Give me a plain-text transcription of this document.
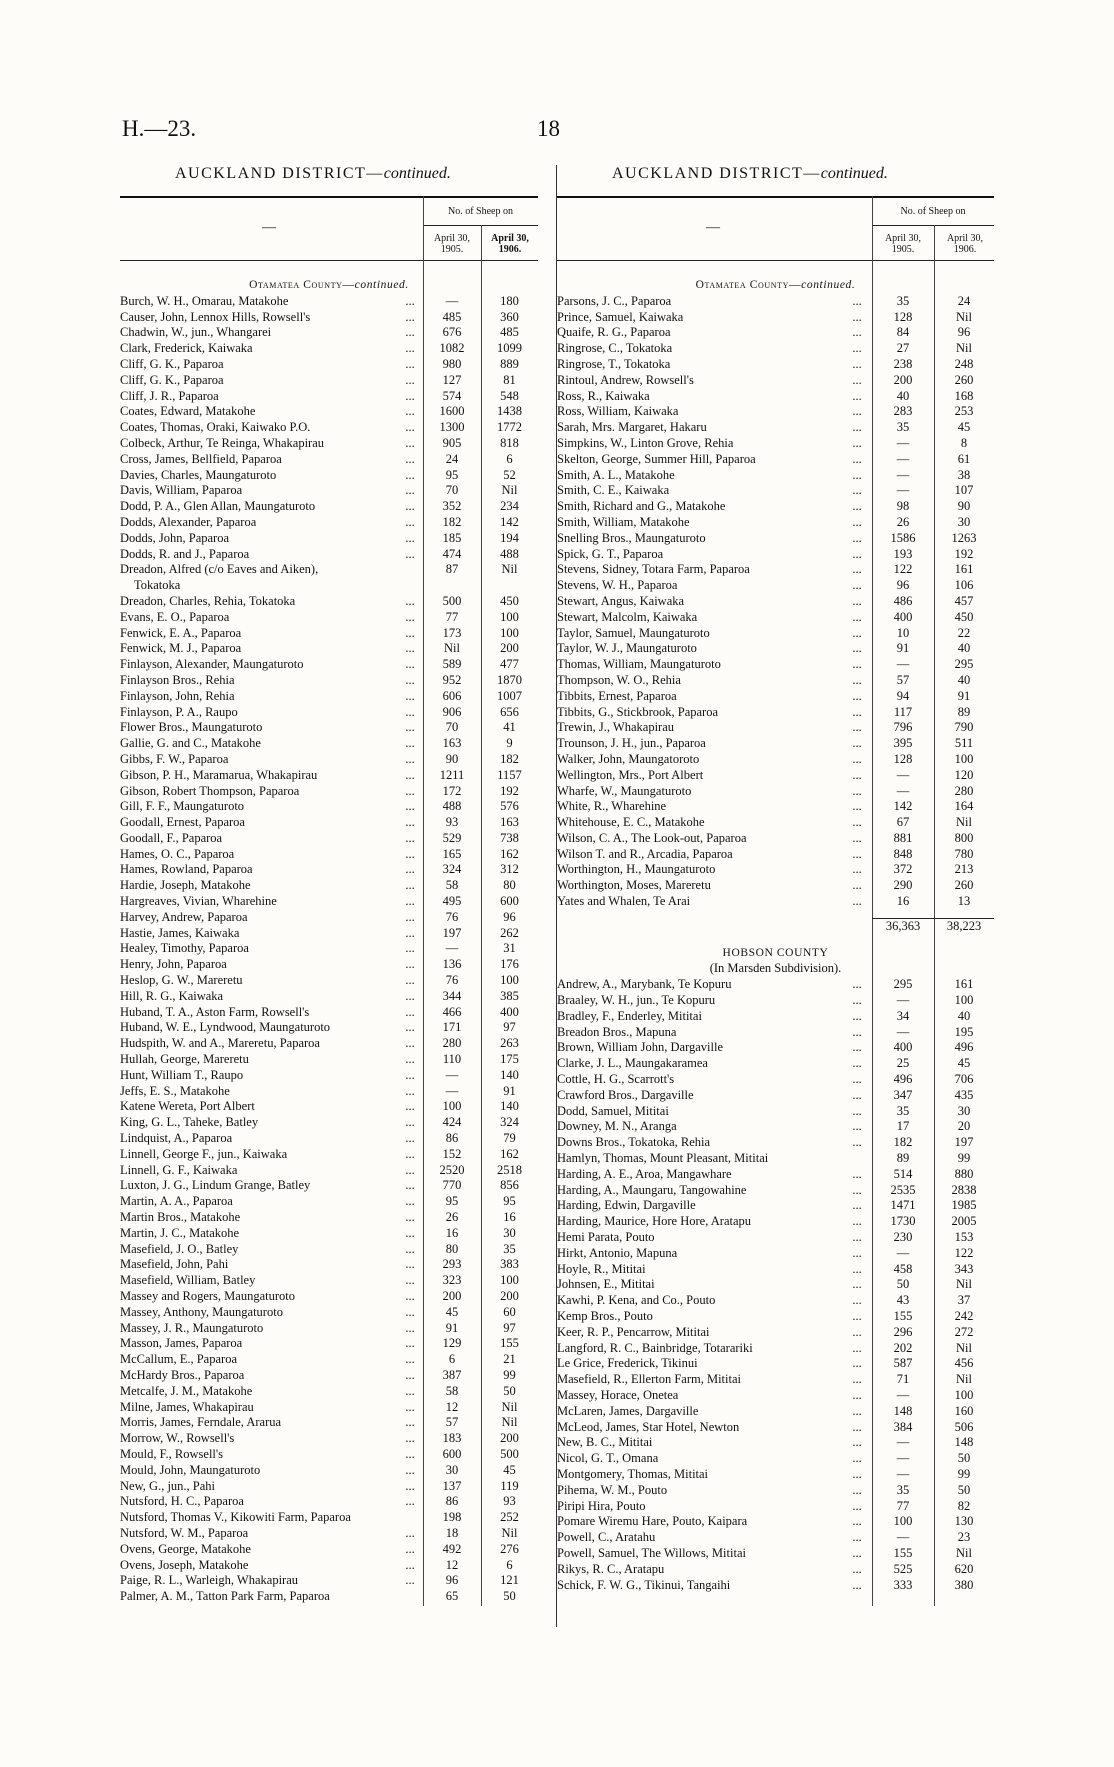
H.—23.	18
AUCKLAND DISTRICT—continued.	AUCKLAND DISTRICT—continued.
—
No. of Sheep on
April 30, 1905.
April 30, 1906.
—
No. of Sheep on
April 30, 1905.
April 30, 1906.
Otamatea County—continued.
Burch, W. H., Omarau, Matakohe	...	—	180
Causer, John, Lennox Hills, Rowsell's	...	485	360
Chadwin, W., jun., Whangarei	...	676	485
Clark, Frederick, Kaiwaka	...	1082	1099
Cliff, G. K., Paparoa	...	980	889
Cliff, G. K., Paparoa	...	127	81
Cliff, J. R., Paparoa	...	574	548
Coates, Edward, Matakohe	...	1600	1438
Coates, Thomas, Oraki, Kaiwako P.O.	...	1300	1772
Colbeck, Arthur, Te Reinga, Whakapirau	...	905	818
Cross, James, Bellfield, Paparoa	...	24	6
Davies, Charles, Maungaturoto	...	95	52
Davis, William, Paparoa	...	70	Nil
Dodd, P. A., Glen Allan, Maungaturoto	...	352	234
Dodds, Alexander, Paparoa	...	182	142
Dodds, John, Paparoa	...	185	194
Dodds, R. and J., Paparoa	...	474	488
Dreadon, Alfred (c/o Eaves and Aiken),	87	Nil
Tokatoka
Dreadon, Charles, Rehia, Tokatoka	...	500	450
Evans, E. O., Paparoa	...	77	100
Fenwick, E. A., Paparoa	...	173	100
Fenwick, M. J., Paparoa	...	Nil	200
Finlayson, Alexander, Maungaturoto	...	589	477
Finlayson Bros., Rehia	...	952	1870
Finlayson, John, Rehia	...	606	1007
Finlayson, P. A., Raupo	...	906	656
Flower Bros., Maungaturoto	...	70	41
Gallie, G. and C., Matakohe	...	163	9
Gibbs, F. W., Paparoa	...	90	182
Gibson, P. H., Maramarua, Whakapirau	...	1211	1157
Gibson, Robert Thompson, Paparoa	...	172	192
Gill, F. F., Maungaturoto	...	488	576
Goodall, Ernest, Paparoa	...	93	163
Goodall, F., Paparoa	...	529	738
Hames, O. C., Paparoa	...	165	162
Hames, Rowland, Paparoa	...	324	312
Hardie, Joseph, Matakohe	...	58	80
Hargreaves, Vivian, Wharehine	...	495	600
Harvey, Andrew, Paparoa	...	76	96
Hastie, James, Kaiwaka	...	197	262
Healey, Timothy, Paparoa	...	—	31
Henry, John, Paparoa	...	136	176
Heslop, G. W., Mareretu	...	76	100
Hill, R. G., Kaiwaka	...	344	385
Huband, T. A., Aston Farm, Rowsell's	...	466	400
Huband, W. E., Lyndwood, Maungaturoto	...	171	97
Hudspith, W. and A., Mareretu, Paparoa	...	280	263
Hullah, George, Mareretu	...	110	175
Hunt, William T., Raupo	...	—	140
Jeffs, E. S., Matakohe	...	—	91
Katene Wereta, Port Albert	...	100	140
King, G. L., Taheke, Batley	...	424	324
Lindquist, A., Paparoa	...	86	79
Linnell, George F., jun., Kaiwaka	...	152	162
Linnell, G. F., Kaiwaka	...	2520	2518
Luxton, J. G., Lindum Grange, Batley	...	770	856
Martin, A. A., Paparoa	...	95	95
Martin Bros., Matakohe	...	26	16
Martin, J. C., Matakohe	...	16	30
Masefield, J. O., Batley	...	80	35
Masefield, John, Pahi	...	293	383
Masefield, William, Batley	...	323	100
Massey and Rogers, Maungaturoto	...	200	200
Massey, Anthony, Maungaturoto	...	45	60
Massey, J. R., Maungaturoto	...	91	97
Masson, James, Paparoa	...	129	155
McCallum, E., Paparoa	...	6	21
McHardy Bros., Paparoa	...	387	99
Metcalfe, J. M., Matakohe	...	58	50
Milne, James, Whakapirau	...	12	Nil
Morris, James, Ferndale, Ararua	...	57	Nil
Morrow, W., Rowsell's	...	183	200
Mould, F., Rowsell's	...	600	500
Mould, John, Maungaturoto	...	30	45
New, G., jun., Pahi	...	137	119
Nutsford, H. C., Paparoa	...	86	93
Nutsford, Thomas V., Kikowiti Farm, Paparoa	198	252
Nutsford, W. M., Paparoa	...	18	Nil
Ovens, George, Matakohe	...	492	276
Ovens, Joseph, Matakohe	...	12	6
Paige, R. L., Warleigh, Whakapirau	...	96	121
Palmer, A. M., Tatton Park Farm, Paparoa	65	50
Otamatea County—continued.
Parsons, J. C., Paparoa	...	35	24
Prince, Samuel, Kaiwaka	...	128	Nil
Quaife, R. G., Paparoa	...	84	96
Ringrose, C., Tokatoka	...	27	Nil
Ringrose, T., Tokatoka	...	238	248
Rintoul, Andrew, Rowsell's	...	200	260
Ross, R., Kaiwaka	...	40	168
Ross, William, Kaiwaka	...	283	253
Sarah, Mrs. Margaret, Hakaru	...	35	45
Simpkins, W., Linton Grove, Rehia	...	—	8
Skelton, George, Summer Hill, Paparoa	...	—	61
Smith, A. L., Matakohe	...	—	38
Smith, C. E., Kaiwaka	...	—	107
Smith, Richard and G., Matakohe	...	98	90
Smith, William, Matakohe	...	26	30
Snelling Bros., Maungaturoto	...	1586	1263
Spick, G. T., Paparoa	...	193	192
Stevens, Sidney, Totara Farm, Paparoa	...	122	161
Stevens, W. H., Paparoa	...	96	106
Stewart, Angus, Kaiwaka	...	486	457
Stewart, Malcolm, Kaiwaka	...	400	450
Taylor, Samuel, Maungaturoto	...	10	22
Taylor, W. J., Maungaturoto	...	91	40
Thomas, William, Maungaturoto	...	—	295
Thompson, W. O., Rehia	...	57	40
Tibbits, Ernest, Paparoa	...	94	91
Tibbits, G., Stickbrook, Paparoa	...	117	89
Trewin, J., Whakapirau	...	796	790
Trounson, J. H., jun., Paparoa	...	395	511
Walker, John, Maungatoroto	...	128	100
Wellington, Mrs., Port Albert	...	—	120
Wharfe, W., Maungaturoto	...	—	280
White, R., Wharehine	...	142	164
Whitehouse, E. C., Matakohe	...	67	Nil
Wilson, C. A., The Look-out, Paparoa	...	881	800
Wilson T. and R., Arcadia, Paparoa	...	848	780
Worthington, H., Maungaturoto	...	372	213
Worthington, Moses, Mareretu	...	290	260
Yates and Whalen, Te Arai	...	16	13
36,363	38,223
HOBSON COUNTY
(In Marsden Subdivision).
Andrew, A., Marybank, Te Kopuru	...	295	161
Braaley, W. H., jun., Te Kopuru	...	—	100
Bradley, F., Enderley, Mititai	...	34	40
Breadon Bros., Mapuna	...	—	195
Brown, William John, Dargaville	...	400	496
Clarke, J. L., Maungakaramea	...	25	45
Cottle, H. G., Scarrott's	...	496	706
Crawford Bros., Dargaville	...	347	435
Dodd, Samuel, Mititai	...	35	30
Downey, M. N., Aranga	...	17	20
Downs Bros., Tokatoka, Rehia	...	182	197
Hamlyn, Thomas, Mount Pleasant, Mititai	89	99
Harding, A. E., Aroa, Mangawhare	...	514	880
Harding, A., Maungaru, Tangowahine	...	2535	2838
Harding, Edwin, Dargaville	...	1471	1985
Harding, Maurice, Hore Hore, Aratapu	...	1730	2005
Hemi Parata, Pouto	...	230	153
Hirkt, Antonio, Mapuna	...	—	122
Hoyle, R., Mititai	...	458	343
Johnsen, E., Mititai	...	50	Nil
Kawhi, P. Kena, and Co., Pouto	...	43	37
Kemp Bros., Pouto	...	155	242
Keer, R. P., Pencarrow, Mititai	...	296	272
Langford, R. C., Bainbridge, Totarariki	...	202	Nil
Le Grice, Frederick, Tikinui	...	587	456
Masefield, R., Ellerton Farm, Mititai	...	71	Nil
Massey, Horace, Onetea	...	—	100
McLaren, James, Dargaville	...	148	160
McLeod, James, Star Hotel, Newton	...	384	506
New, B. C., Mititai	...	—	148
Nicol, G. T., Omana	...	—	50
Montgomery, Thomas, Mititai	...	—	99
Pihema, W. M., Pouto	...	35	50
Piripi Hira, Pouto	...	77	82
Pomare Wiremu Hare, Pouto, Kaipara	...	100	130
Powell, C., Aratahu	...	—	23
Powell, Samuel, The Willows, Mititai	...	155	Nil
Rikys, R. C., Aratapu	...	525	620
Schick, F. W. G., Tikinui, Tangaihi	...	333	380
